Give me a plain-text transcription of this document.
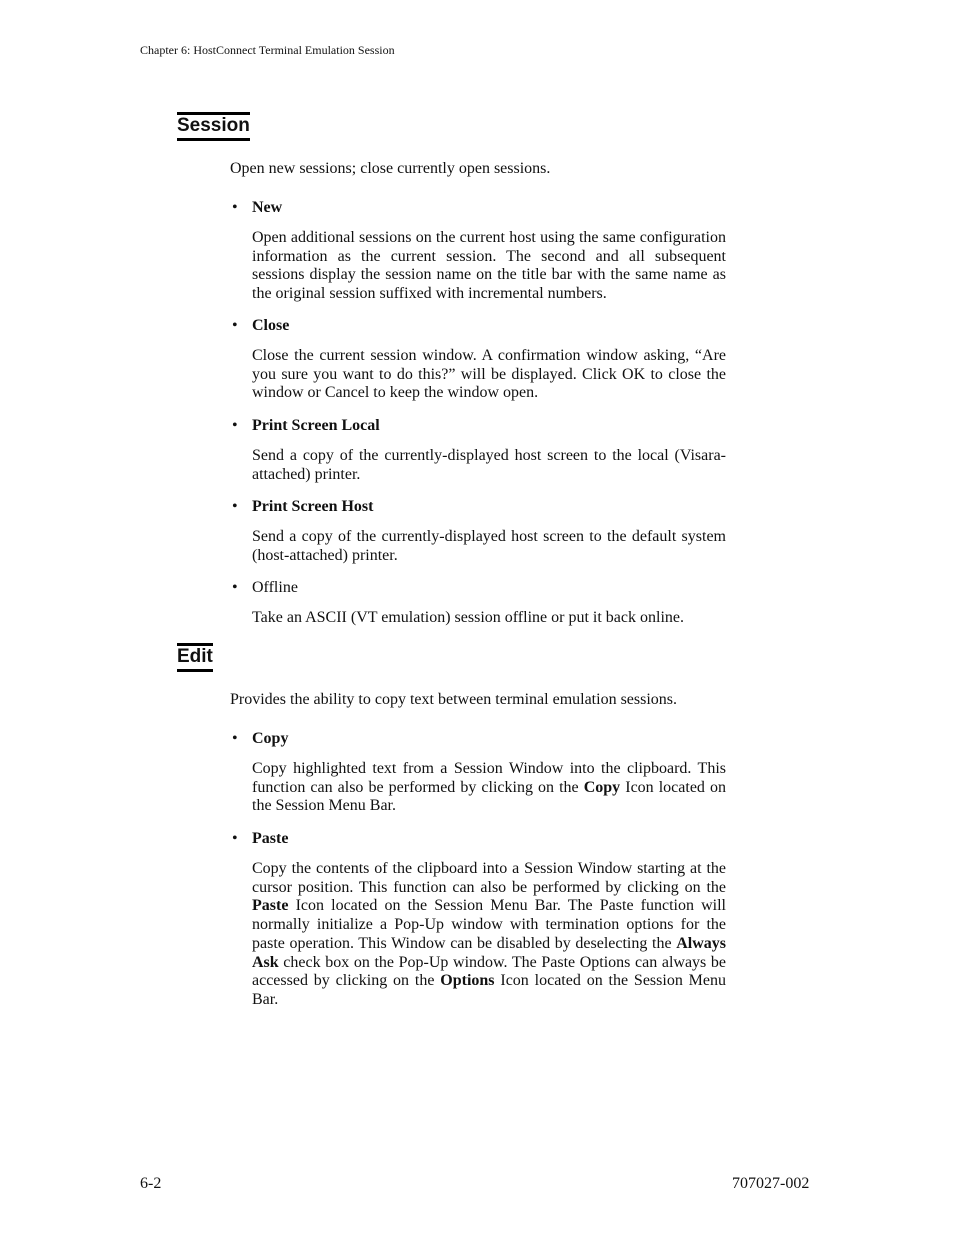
Chapter 6: HostConnect Terminal Emulation Session
Session
Open new sessions; close currently open sessions.
• New
Open additional sessions on the current host using the same configuration information as the current session. The second and all subsequent sessions display the session name on the title bar with the same name as the original session suffixed with incremental numbers.
• Close
Close the current session window. A confirmation window asking, “Are you sure you want to do this?” will be displayed. Click OK to close the window or Cancel to keep the window open.
• Print Screen Local
Send a copy of the currently-displayed host screen to the local (Visara-attached) printer.
• Print Screen Host
Send a copy of the currently-displayed host screen to the default system (host-attached) printer.
• Offline
Take an ASCII (VT emulation) session offline or put it back online.
Edit
Provides the ability to copy text between terminal emulation sessions.
• Copy
Copy highlighted text from a Session Window into the clipboard. This function can also be performed by clicking on the Copy Icon located on the Session Menu Bar.
• Paste
Copy the contents of the clipboard into a Session Window starting at the cursor position. This function can also be performed by clicking on the Paste Icon located on the Session Menu Bar. The Paste function will normally initialize a Pop-Up window with termination options for the paste operation. This Window can be disabled by deselecting the Always Ask check box on the Pop-Up window. The Paste Options can always be accessed by clicking on the Options Icon located on the Session Menu Bar.
6-2	707027-002
